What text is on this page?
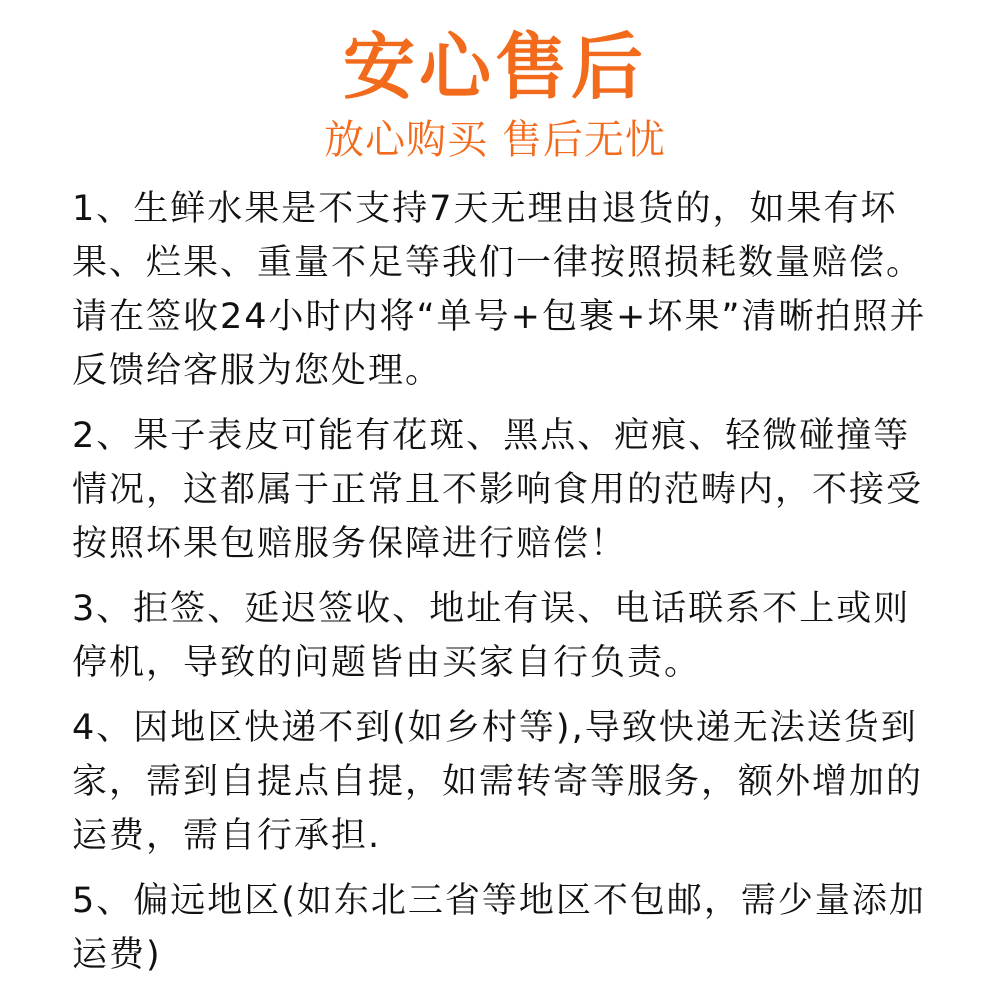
安心售后
放心购买 售后无忧
1、生鲜水果是不支持7天无理由退货的，如果有坏果、烂果、重量不足等我们一律按照损耗数量赔偿。请在签收24小时内将“单号+包裹+坏果”清晰拍照并反馈给客服为您处理。
2、果子表皮可能有花斑、黑点、疤痕、轻微碰撞等情况，这都属于正常且不影响食用的范畴内，不接受按照坏果包赔服务保障进行赔偿！
3、拒签、延迟签收、地址有误、电话联系不上或则停机，导致的问题皆由买家自行负责。
4、因地区快递不到(如乡村等),导致快递无法送货到家，需到自提点自提，如需转寄等服务，额外增加的运费，需自行承担.
5、偏远地区(如东北三省等地区不包邮，需少量添加运费)
